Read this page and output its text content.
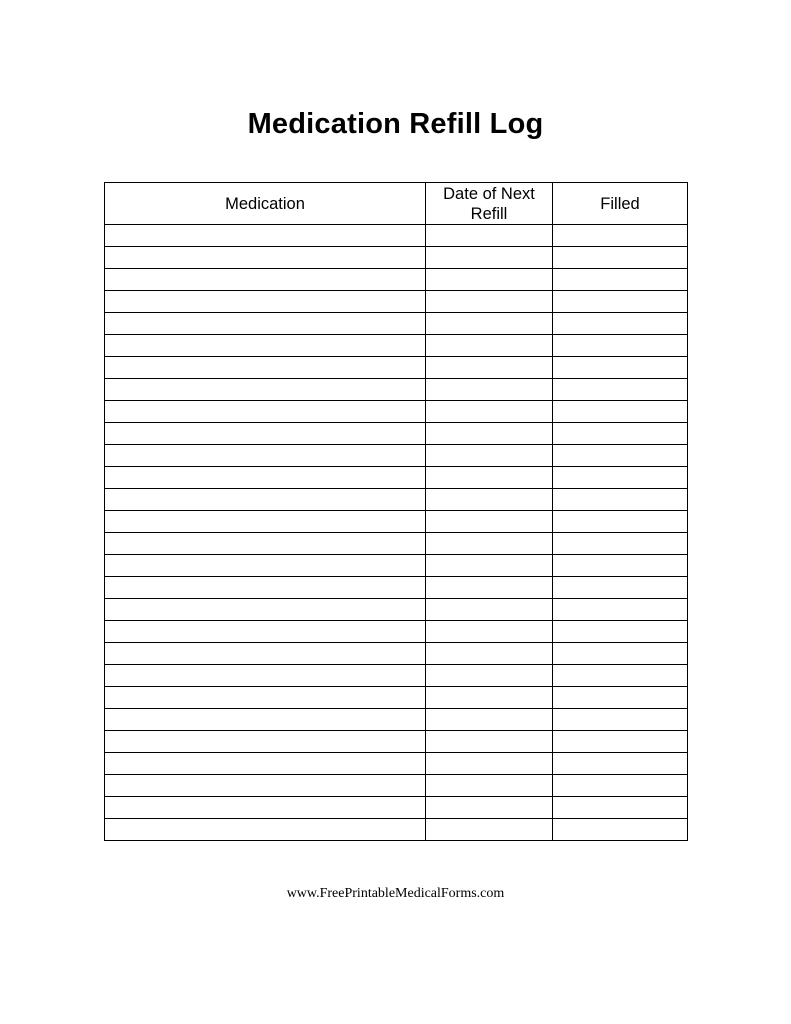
Medication Refill Log
Medication	Date of Next Refill	Filled

www.FreePrintableMedicalForms.com
